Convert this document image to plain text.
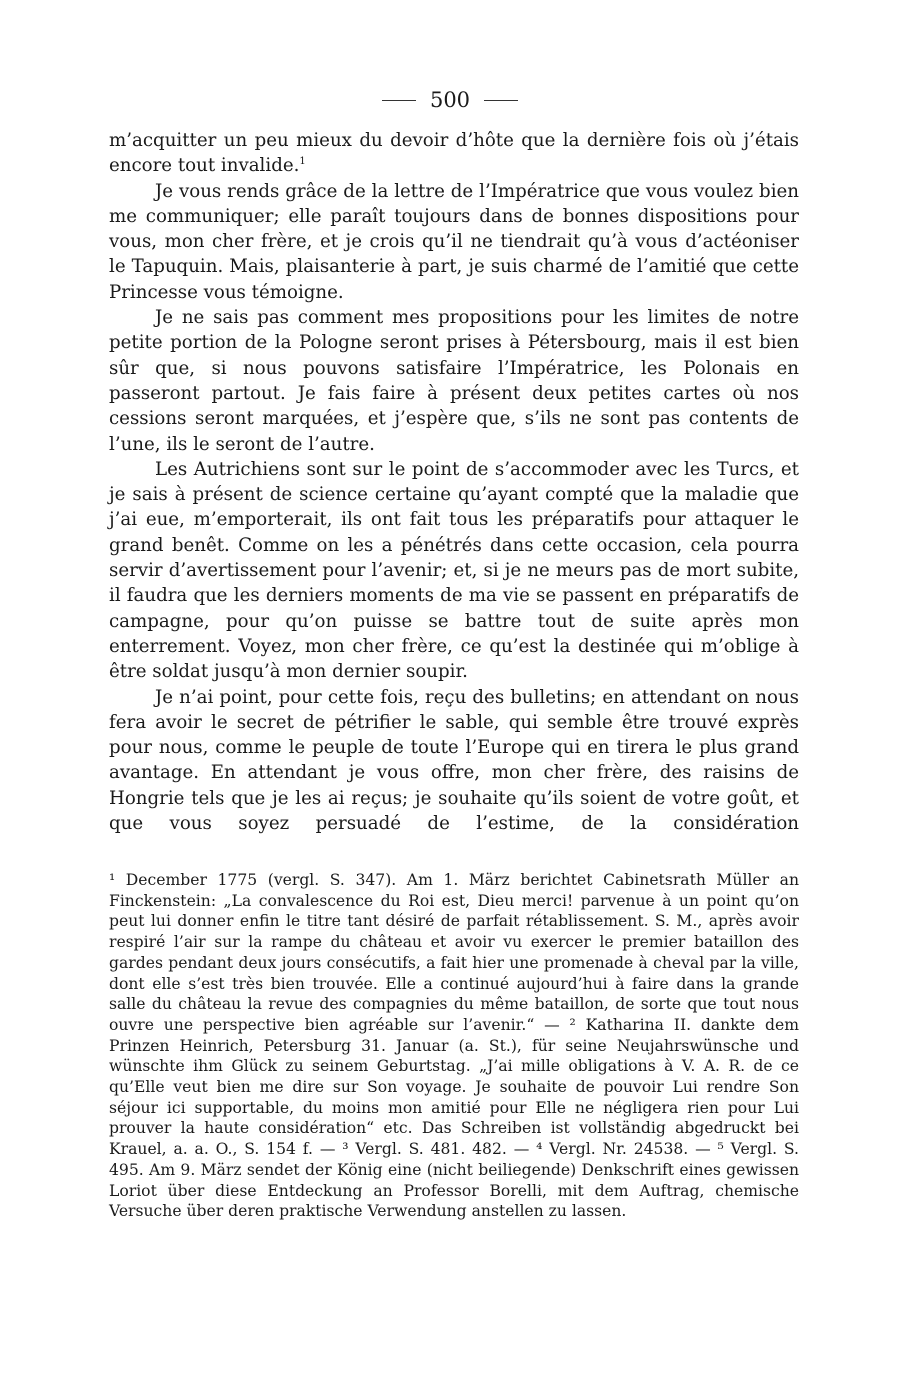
500

m’acquitter un peu mieux du devoir d’hôte que la dernière fois où j’étais encore tout invalide.$^1$

Je vous rends grâce de la lettre de l’Impératrice que vous voulez bien me communiquer; elle paraît toujours dans de bonnes dispositions pour vous, mon cher frère, et je crois qu’il ne tiendrait qu’à vous d’actéoniser le Tapuquin. Mais, plaisanterie à part, je suis charmé de l’amitié que cette Princesse vous témoigne.

Je ne sais pas comment mes propositions pour les limites de notre petite portion de la Pologne seront prises à Pétersbourg, mais il est bien sûr que, si nous pouvons satisfaire l’Impératrice, les Polonais en passeront partout. Je fais faire à présent deux petites cartes où nos cessions seront marquées, et j’espère que, s’ils ne sont pas contents de l’une, ils le seront de l’autre.

Les Autrichiens sont sur le point de s’accommoder avec les Turcs, et je sais à présent de science certaine qu’ayant compté que la maladie que j’ai eue, m’emporterait, ils ont fait tous les préparatifs pour attaquer le grand benêt. Comme on les a pénétrés dans cette occasion, cela pourra servir d’avertissement pour l’avenir; et, si je ne meurs pas de mort subite, il faudra que les derniers moments de ma vie se passent en préparatifs de campagne, pour qu’on puisse se battre tout de suite après mon enterrement. Voyez, mon cher frère, ce qu’est la destinée qui m’oblige à être soldat jusqu’à mon dernier soupir.

Je n’ai point, pour cette fois, reçu des bulletins; en attendant on nous fera avoir le secret de pétrifier le sable, qui semble être trouvé exprès pour nous, comme le peuple de toute l’Europe qui en tirera le plus grand avantage. En attendant je vous offre, mon cher frère, des raisins de Hongrie tels que je les ai reçus; je souhaite qu’ils soient de votre goût, et que vous soyez persuadé de l’estime, de la considération

¹ December 1775 (vergl. S. 347). Am 1. März berichtet Cabinetsrath Müller an Finckenstein: „La convalescence du Roi est, Dieu merci! parvenue à un point qu’on peut lui donner enfin le titre tant désiré de parfait rétablissement. S. M., après avoir respiré l’air sur la rampe du château et avoir vu exercer le premier bataillon des gardes pendant deux jours consécutifs, a fait hier une promenade à cheval par la ville, dont elle s’est très bien trouvée. Elle a continué aujourd’hui à faire dans la grande salle du château la revue des compagnies du même bataillon, de sorte que tout nous ouvre une perspective bien agréable sur l’avenir.“ — ² Katharina II. dankte dem Prinzen Heinrich, Petersburg 31. Januar (a. St.), für seine Neujahrswünsche und wünschte ihm Glück zu seinem Geburtstag. „J’ai mille obligations à V. A. R. de ce qu’Elle veut bien me dire sur Son voyage. Je souhaite de pouvoir Lui rendre Son séjour ici supportable, du moins mon amitié pour Elle ne négligera rien pour Lui prouver la haute considération“ etc. Das Schreiben ist vollständig abgedruckt bei Krauel, a. a. O., S. 154 f. — ³ Vergl. S. 481. 482. — ⁴ Vergl. Nr. 24538. — ⁵ Vergl. S. 495. Am 9. März sendet der König eine (nicht beiliegende) Denkschrift eines gewissen Loriot über diese Entdeckung an Professor Borelli, mit dem Auftrag, chemische Versuche über deren praktische Verwendung anstellen zu lassen.
